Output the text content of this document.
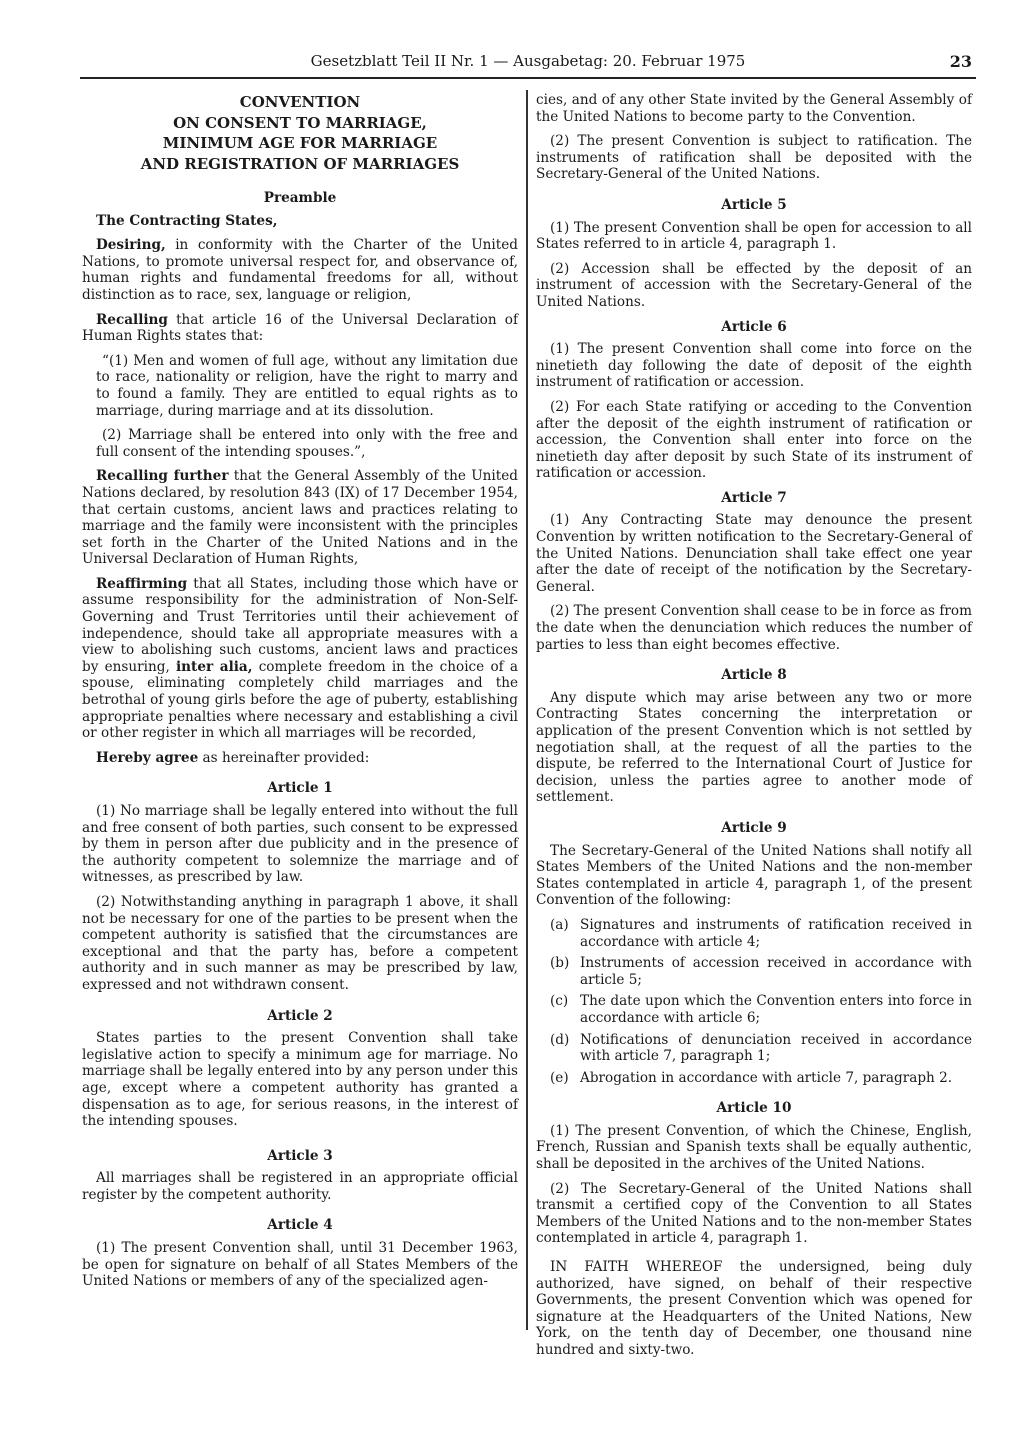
Gesetzblatt Teil II Nr. 1 — Ausgabetag: 20. Februar 1975	23
CONVENTION
ON CONSENT TO MARRIAGE,
MINIMUM AGE FOR MARRIAGE
AND REGISTRATION OF MARRIAGES
Preamble
The Contracting States,
Desiring, in conformity with the Charter of the United Nations, to promote universal respect for, and observance of, human rights and fundamental freedoms for all, without distinction as to race, sex, language or religion,
Recalling that article 16 of the Universal Declaration of Human Rights states that:
“(1) Men and women of full age, without any limitation due to race, nationality or religion, have the right to marry and to found a family. They are entitled to equal rights as to marriage, during marriage and at its dissolution.
(2) Marriage shall be entered into only with the free and full consent of the intending spouses.”,
Recalling further that the General Assembly of the United Nations declared, by resolution 843 (IX) of 17 December 1954, that certain customs, ancient laws and practices relating to marriage and the family were inconsistent with the principles set forth in the Charter of the United Nations and in the Universal Declaration of Human Rights,
Reaffirming that all States, including those which have or assume responsibility for the administration of Non-Self-Governing and Trust Territories until their achievement of independence, should take all appropriate measures with a view to abolishing such customs, ancient laws and practices by ensuring, inter alia, complete freedom in the choice of a spouse, eliminating completely child marriages and the betrothal of young girls before the age of puberty, establishing appropriate penalties where necessary and establishing a civil or other register in which all marriages will be recorded,
Hereby agree as hereinafter provided:
Article 1
(1) No marriage shall be legally entered into without the full and free consent of both parties, such consent to be expressed by them in person after due publicity and in the presence of the authority competent to solemnize the marriage and of witnesses, as prescribed by law.
(2) Notwithstanding anything in paragraph 1 above, it shall not be necessary for one of the parties to be present when the competent authority is satisfied that the circumstances are exceptional and that the party has, before a competent authority and in such manner as may be prescribed by law, expressed and not withdrawn consent.
Article 2
States parties to the present Convention shall take legislative action to specify a minimum age for marriage. No marriage shall be legally entered into by any person under this age, except where a competent authority has granted a dispensation as to age, for serious reasons, in the interest of the intending spouses.
Article 3
All marriages shall be registered in an appropriate official register by the competent authority.
Article 4
(1) The present Convention shall, until 31 December 1963, be open for signature on behalf of all States Members of the United Nations or members of any of the specialized agen-
cies, and of any other State invited by the General Assembly of the United Nations to become party to the Convention.
(2) The present Convention is subject to ratification. The instruments of ratification shall be deposited with the Secretary-General of the United Nations.
Article 5
(1) The present Convention shall be open for accession to all States referred to in article 4, paragraph 1.
(2) Accession shall be effected by the deposit of an instrument of accession with the Secretary-General of the United Nations.
Article 6
(1) The present Convention shall come into force on the ninetieth day following the date of deposit of the eighth instrument of ratification or accession.
(2) For each State ratifying or acceding to the Convention after the deposit of the eighth instrument of ratification or accession, the Convention shall enter into force on the ninetieth day after deposit by such State of its instrument of ratification or accession.
Article 7
(1) Any Contracting State may denounce the present Convention by written notification to the Secretary-General of the United Nations. Denunciation shall take effect one year after the date of receipt of the notification by the Secretary-General.
(2) The present Convention shall cease to be in force as from the date when the denunciation which reduces the number of parties to less than eight becomes effective.
Article 8
Any dispute which may arise between any two or more Contracting States concerning the interpretation or application of the present Convention which is not settled by negotiation shall, at the request of all the parties to the dispute, be referred to the International Court of Justice for decision, unless the parties agree to another mode of settlement.
Article 9
The Secretary-General of the United Nations shall notify all States Members of the United Nations and the non-member States contemplated in article 4, paragraph 1, of the present Convention of the following:
(a) Signatures and instruments of ratification received in accordance with article 4;
(b) Instruments of accession received in accordance with article 5;
(c) The date upon which the Convention enters into force in accordance with article 6;
(d) Notifications of denunciation received in accordance with article 7, paragraph 1;
(e) Abrogation in accordance with article 7, paragraph 2.
Article 10
(1) The present Convention, of which the Chinese, English, French, Russian and Spanish texts shall be equally authentic, shall be deposited in the archives of the United Nations.
(2) The Secretary-General of the United Nations shall transmit a certified copy of the Convention to all States Members of the United Nations and to the non-member States contemplated in article 4, paragraph 1.
IN FAITH WHEREOF the undersigned, being duly authorized, have signed, on behalf of their respective Governments, the present Convention which was opened for signature at the Headquarters of the United Nations, New York, on the tenth day of December, one thousand nine hundred and sixty-two.
